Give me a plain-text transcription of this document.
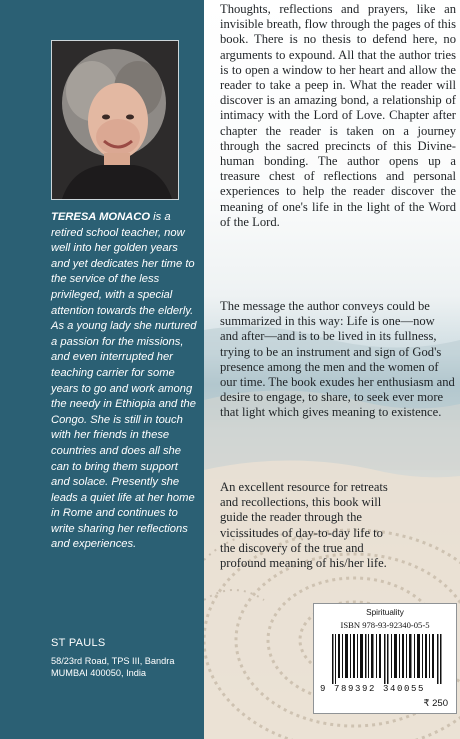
TERESA MONACO is a retired school teacher, now well into her golden years and yet dedicates her time to the service of the less privileged, with a special attention towards the elderly. As a young lady she nurtured a passion for the missions, and even interrupted her teaching carrier for some years to go and work among the needy in Ethiopia and the Congo. She is still in touch with her friends in these countries and does all she can to bring them support and solace. Presently she leads a quiet life at her home in Rome and continues to write sharing her reflections and experiences.

ST PAULS
58/23rd Road, TPS III, Bandra
MUMBAI 400050, India

Thoughts, reflections and prayers, like an invisible breath, flow through the pages of this book. There is no thesis to defend here, no arguments to expound. All that the author tries is to open a window to her heart and allow the reader to take a peep in. What the reader will discover is an amazing bond, a relationship of intimacy with the Lord of Love. Chapter after chapter the reader is taken on a journey through the sacred precincts of this Divine-human bonding. The author opens up a treasure chest of reflections and personal experiences to help the reader discover the meaning of one's life in the light of the Word of the Lord.

The message the author conveys could be summarized in this way: Life is one—now and after—and is to be lived in its fullness, trying to be an instrument and sign of God's presence among the men and the women of our time. The book exudes her enthusiasm and desire to engage, to share, to seek ever more that light which gives meaning to existence.

An excellent resource for retreats and recollections, this book will guide the reader through the vicissitudes of day-to-day life to the discovery of the true and profound meaning of his/her life.

Spirituality
ISBN 978-93-92340-05-5
9 789392 340055
₹ 250
